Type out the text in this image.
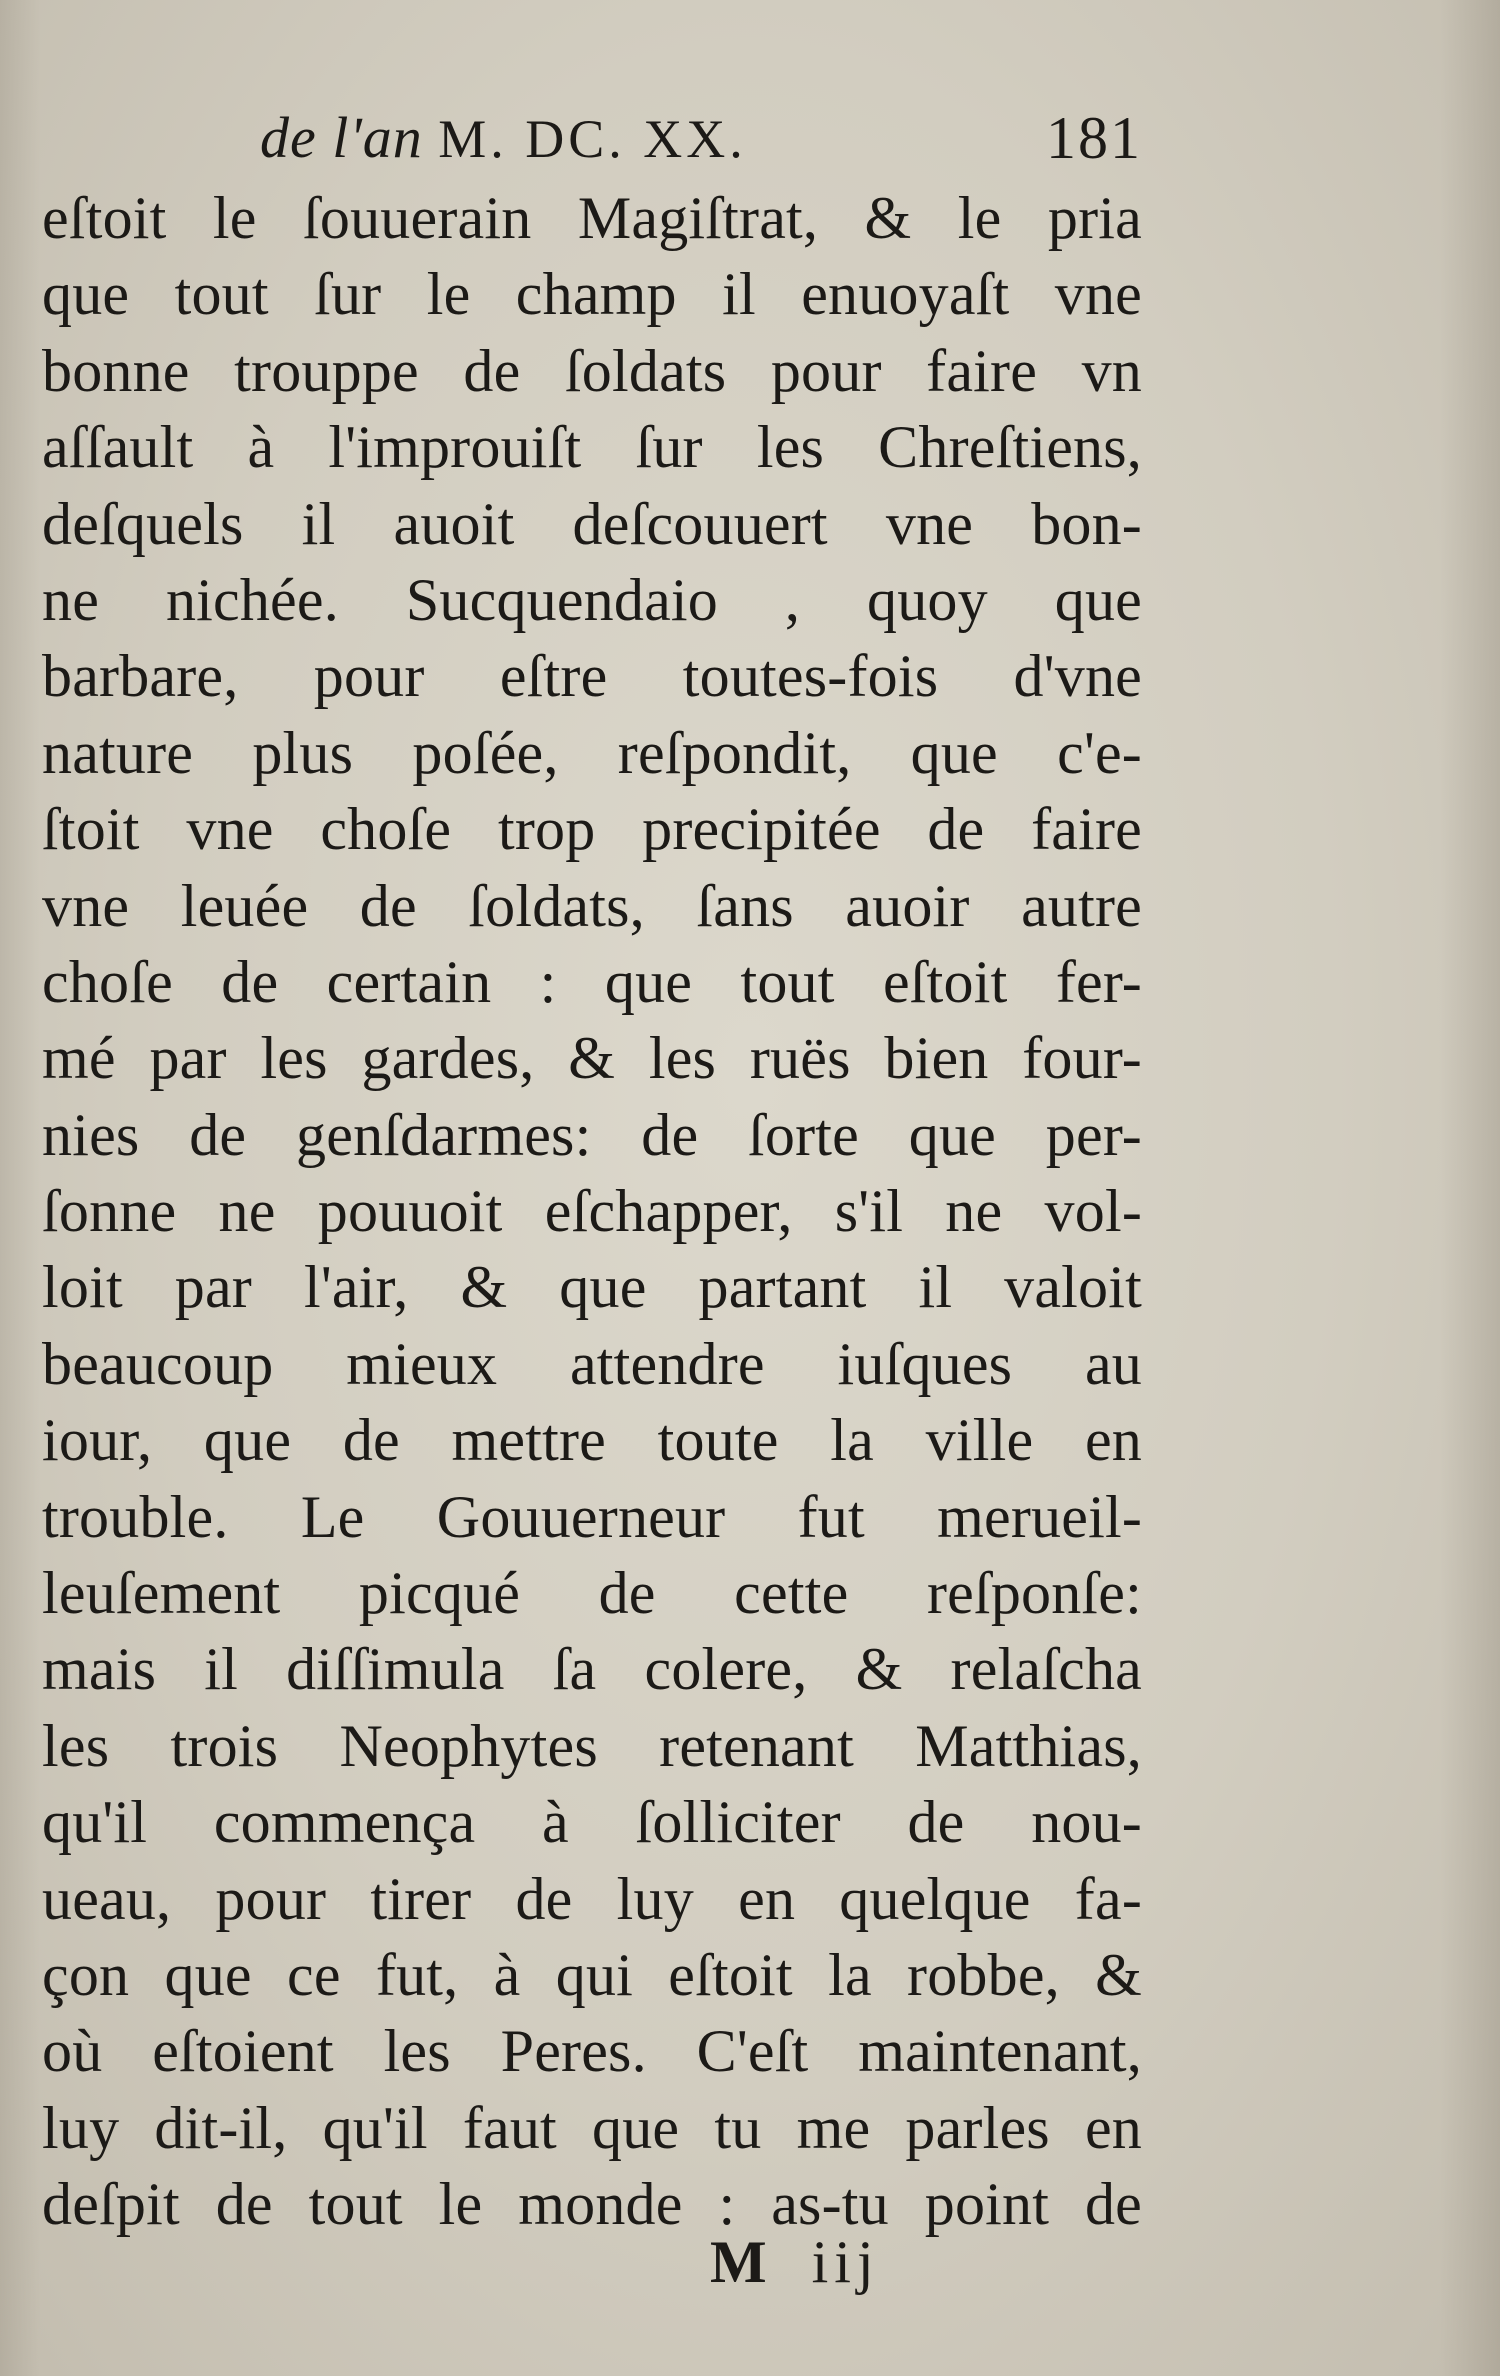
de l'an M. DC. XX.	181
eſtoit le ſouuerain Magiſtrat, & le pria
que tout ſur le champ il enuoyaſt vne
bonne trouppe de ſoldats pour faire vn
aſſault à l'improuiſt ſur les Chreſtiens,
deſquels il auoit deſcouuert vne bon-
ne nichée. Sucquendaio , quoy que
barbare, pour eſtre toutes-fois d'vne
nature plus poſée, reſpondit, que c'e-
ſtoit vne choſe trop precipitée de faire
vne leuée de ſoldats, ſans auoir autre
choſe de certain : que tout eſtoit fer-
mé par les gardes, & les ruës bien four-
nies de genſdarmes: de ſorte que per-
ſonne ne pouuoit eſchapper, s'il ne vol-
loit par l'air, & que partant il valoit
beaucoup mieux attendre iuſques au
iour, que de mettre toute la ville en
trouble. Le Gouuerneur fut merueil-
leuſement picqué de cette reſponſe:
mais il diſſimula ſa colere, & relaſcha
les trois Neophytes retenant Matthias,
qu'il commença à ſolliciter de nou-
ueau, pour tirer de luy en quelque fa-
çon que ce fut, à qui eſtoit la robbe, &
où eſtoient les Peres. C'eſt maintenant,
luy dit-il, qu'il faut que tu me parles en
deſpit de tout le monde : as-tu point de
M iij
